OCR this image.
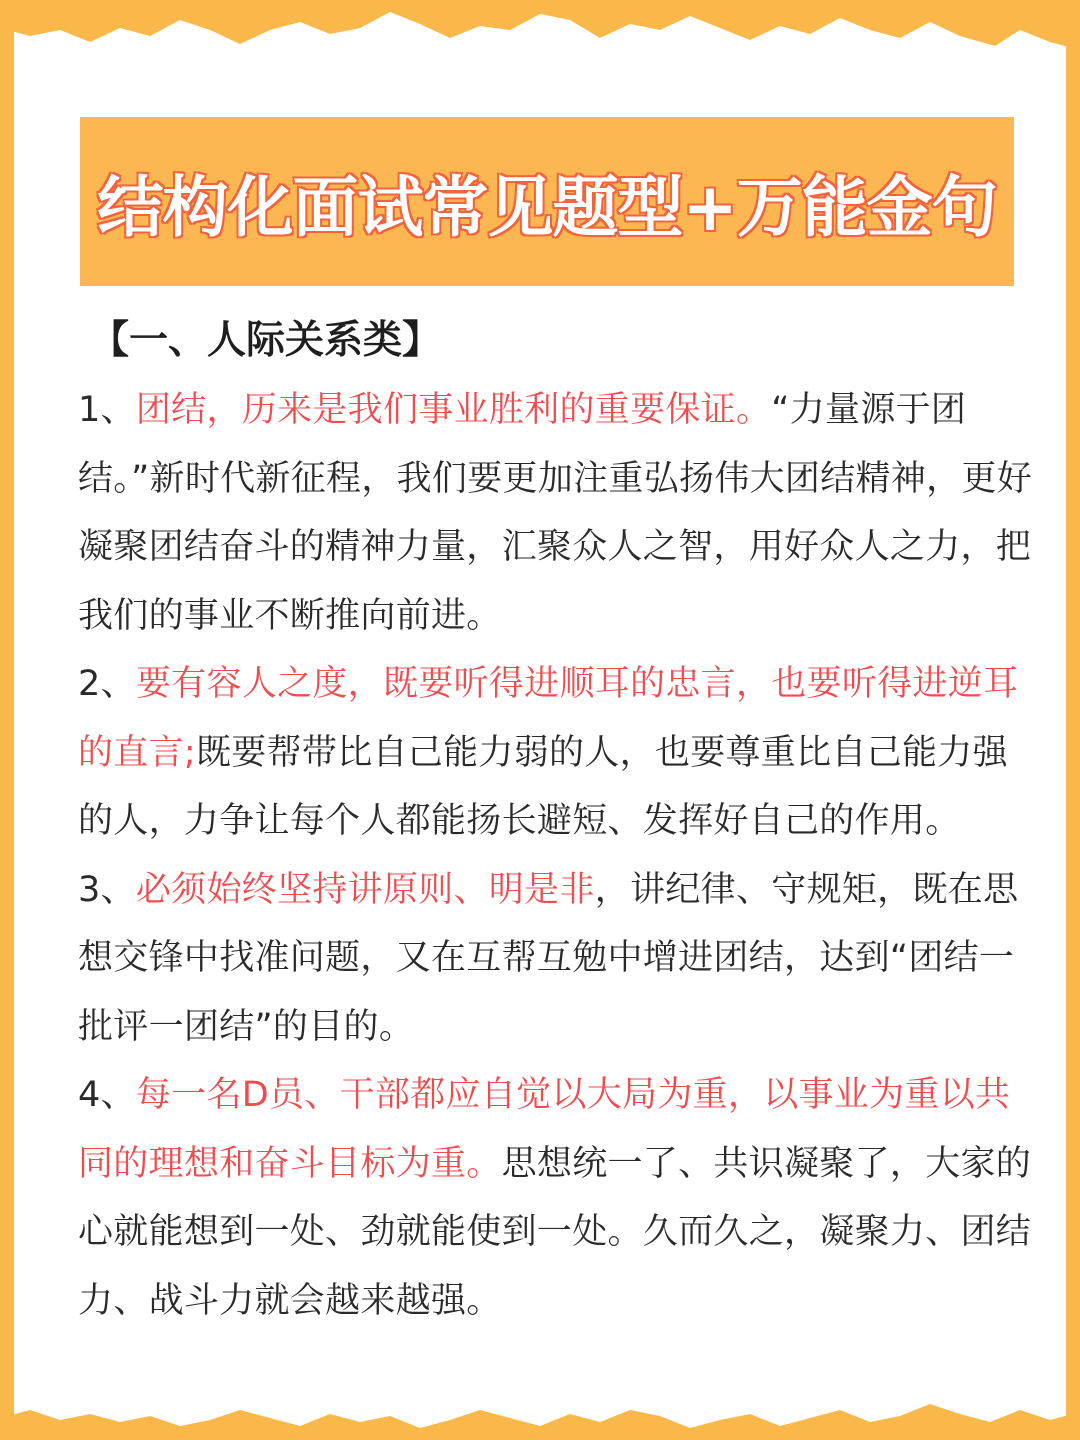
结构化面试常见题型+万能金句
【一、人际关系类】

1、团结，历来是我们事业胜利的重要保证。“力量源于团结。”新时代新征程，我们要更加注重弘扬伟大团结精神，更好凝聚团结奋斗的精神力量，汇聚众人之智，用好众人之力，把我们的事业不断推向前进。

2、要有容人之度，既要听得进顺耳的忠言，也要听得进逆耳的直言;既要帮带比自己能力弱的人，也要尊重比自己能力强的人，力争让每个人都能扬长避短、发挥好自己的作用。

3、必须始终坚持讲原则、明是非，讲纪律、守规矩，既在思想交锋中找准问题，又在互帮互勉中增进团结，达到“团结一批评一团结”的目的。

4、每一名D员、干部都应自觉以大局为重，以事业为重以共同的理想和奋斗目标为重。思想统一了、共识凝聚了，大家的心就能想到一处、劲就能使到一处。久而久之，凝聚力、团结力、战斗力就会越来越强。
